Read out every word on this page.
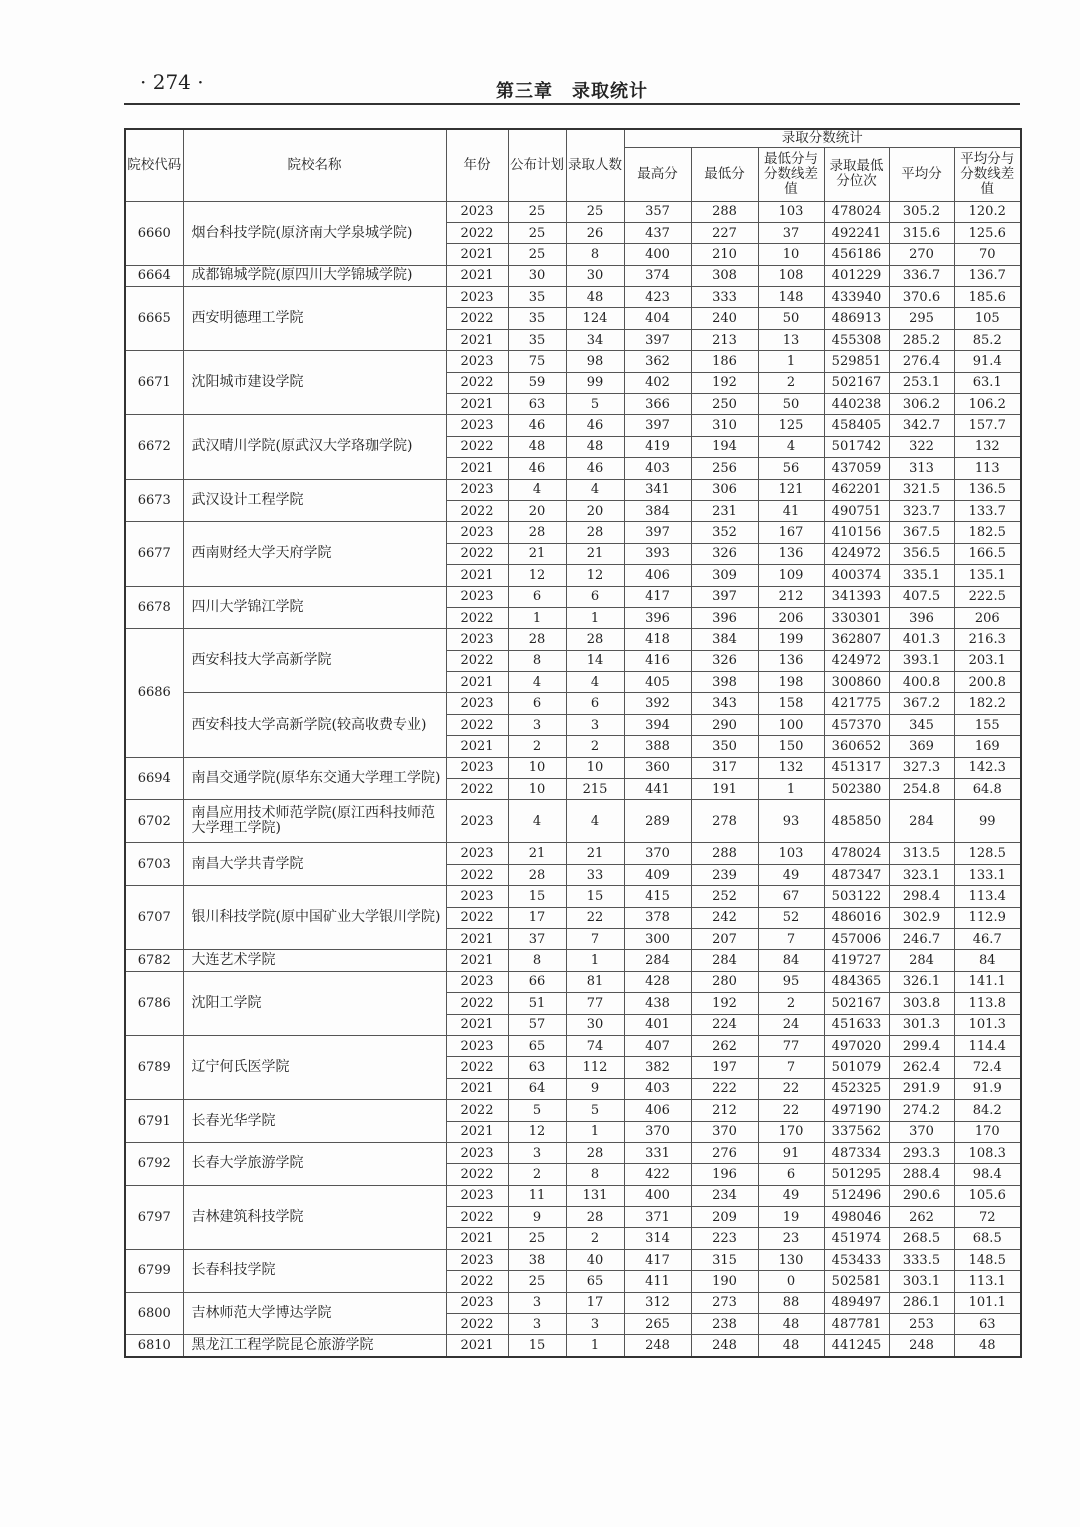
· 274 ·	第三章　录取统计
院校代码	院校名称	年份	公布计划	录取人数	录取分数统计					
					最高分	最低分	最低分与分数线差值	录取最低分位次	平均分	平均分与分数线差值
6660	烟台科技学院(原济南大学泉城学院)	2023	25	25	357	288	103	478024	305.2	120.2
		2022	25	26	437	227	37	492241	315.6	125.6
		2021	25	8	400	210	10	456186	270	70
6664	成都锦城学院(原四川大学锦城学院)	2021	30	30	374	308	108	401229	336.7	136.7
6665	西安明德理工学院	2023	35	48	423	333	148	433940	370.6	185.6
		2022	35	124	404	240	50	486913	295	105
		2021	35	34	397	213	13	455308	285.2	85.2
6671	沈阳城市建设学院	2023	75	98	362	186	1	529851	276.4	91.4
		2022	59	99	402	192	2	502167	253.1	63.1
		2021	63	5	366	250	50	440238	306.2	106.2
6672	武汉晴川学院(原武汉大学珞珈学院)	2023	46	46	397	310	125	458405	342.7	157.7
		2022	48	48	419	194	4	501742	322	132
		2021	46	46	403	256	56	437059	313	113
6673	武汉设计工程学院	2023	4	4	341	306	121	462201	321.5	136.5
		2022	20	20	384	231	41	490751	323.7	133.7
6677	西南财经大学天府学院	2023	28	28	397	352	167	410156	367.5	182.5
		2022	21	21	393	326	136	424972	356.5	166.5
		2021	12	12	406	309	109	400374	335.1	135.1
6678	四川大学锦江学院	2023	6	6	417	397	212	341393	407.5	222.5
		2022	1	1	396	396	206	330301	396	206
6686	西安科技大学高新学院	2023	28	28	418	384	199	362807	401.3	216.3
		2022	8	14	416	326	136	424972	393.1	203.1
		2021	4	4	405	398	198	300860	400.8	200.8
	西安科技大学高新学院(较高收费专业)	2023	6	6	392	343	158	421775	367.2	182.2
		2022	3	3	394	290	100	457370	345	155
		2021	2	2	388	350	150	360652	369	169
6694	南昌交通学院(原华东交通大学理工学院)	2023	10	10	360	317	132	451317	327.3	142.3
		2022	10	215	441	191	1	502380	254.8	64.8
6702	南昌应用技术师范学院(原江西科技师范大学理工学院)	2023	4	4	289	278	93	485850	284	99
6703	南昌大学共青学院	2023	21	21	370	288	103	478024	313.5	128.5
		2022	28	33	409	239	49	487347	323.1	133.1
6707	银川科技学院(原中国矿业大学银川学院)	2023	15	15	415	252	67	503122	298.4	113.4
		2022	17	22	378	242	52	486016	302.9	112.9
		2021	37	7	300	207	7	457006	246.7	46.7
6782	大连艺术学院	2021	8	1	284	284	84	419727	284	84
6786	沈阳工学院	2023	66	81	428	280	95	484365	326.1	141.1
		2022	51	77	438	192	2	502167	303.8	113.8
		2021	57	30	401	224	24	451633	301.3	101.3
6789	辽宁何氏医学院	2023	65	74	407	262	77	497020	299.4	114.4
		2022	63	112	382	197	7	501079	262.4	72.4
		2021	64	9	403	222	22	452325	291.9	91.9
6791	长春光华学院	2022	5	5	406	212	22	497190	274.2	84.2
		2021	12	1	370	370	170	337562	370	170
6792	长春大学旅游学院	2023	3	28	331	276	91	487334	293.3	108.3
		2022	2	8	422	196	6	501295	288.4	98.4
6797	吉林建筑科技学院	2023	11	131	400	234	49	512496	290.6	105.6
		2022	9	28	371	209	19	498046	262	72
		2021	25	2	314	223	23	451974	268.5	68.5
6799	长春科技学院	2023	38	40	417	315	130	453433	333.5	148.5
		2022	25	65	411	190	0	502581	303.1	113.1
6800	吉林师范大学博达学院	2023	3	17	312	273	88	489497	286.1	101.1
		2022	3	3	265	238	48	487781	253	63
6810	黑龙江工程学院昆仑旅游学院	2021	15	1	248	248	48	441245	248	48
